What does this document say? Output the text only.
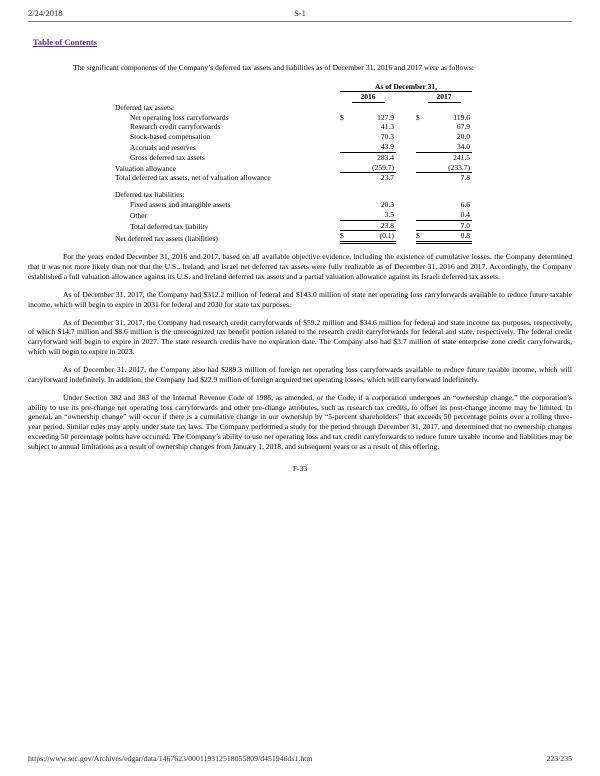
2/24/2018	S-1
Table of Contents

The significant components of the Company’s deferred tax assets and liabilities as of December 31, 2016 and 2017 were as follows:

As of December 31,
2016	2017
Deferred tax assets:
Net operating loss carryforwards	$	127.9	$	119.6
Research credit carryforwards	41.3	67.9
Stock-based compensation	70.3	20.0
Accruals and reserves	43.9	34.0
Gross deferred tax assets	283.4	241.5
Valuation allowance	(259.7)	(233.7)
Total deferred tax assets, net of valuation allowance	23.7	7.8
Deferred tax liabilities:
Fixed assets and intangible assets	20.3	6.6
Other	3.5	0.4
Total deferred tax liability	23.8	7.0
Net deferred tax assets (liabilities)	$	(0.1)	$	0.8

For the years ended December 31, 2016 and 2017, based on all available objective evidence, including the existence of cumulative losses, the Company determined that it was not more likely than not that the U.S., Ireland, and Israel net deferred tax assets were fully realizable as of December 31, 2016 and 2017. Accordingly, the Company established a full valuation allowance against its U.S. and Ireland deferred tax assets and a partial valuation allowance against its Israeli deferred tax assets.

As of December 31, 2017, the Company had $312.2 million of federal and $143.0 million of state net operating loss carryforwards available to reduce future taxable income, which will begin to expire in 2031 for federal and 2030 for state tax purposes.

As of December 31, 2017, the Company had research credit carryforwards of $59.2 million and $34.6 million for federal and state income tax purposes, respectively, of which $14.7 million and $8.6 million is the unrecognized tax benefit portion related to the research credit carryforwards for federal and state, respectively. The federal credit carryforward will begin to expire in 2027. The state research credits have no expiration date. The Company also had $3.7 million of state enterprise zone credit carryforwards, which will begin to expire in 2023.

As of December 31, 2017, the Company also had $289.3 million of foreign net operating loss carryforwards available to reduce future taxable income, which will carryforward indefinitely. In addition, the Company had $22.9 million of foreign acquired net operating losses, which will carryforward indefinitely.

Under Section 382 and 383 of the Internal Revenue Code of 1986, as amended, or the Code, if a corporation undergoes an “ownership change,” the corporation’s ability to use its pre-change net operating loss carryforwards and other pre-change attributes, such as research tax credits, to offset its post-change income may be limited. In general, an “ownership change” will occur if there is a cumulative change in our ownership by “5-percent shareholders” that exceeds 50 percentage points over a rolling three-year period. Similar rules may apply under state tax laws. The Company performed a study for the period through December 31, 2017, and determined that no ownership changes exceeding 50 percentage points have occurred. The Company’s ability to use net operating loss and tax credit carryforwards to reduce future taxable income and liabilities may be subject to annual limitations as a result of ownership changes from January 1, 2018, and subsequent years or as a result of this offering.

F-33

https://www.sec.gov/Archives/edgar/data/1467623/000119312518055809/d451946ds1.htm	223/235
